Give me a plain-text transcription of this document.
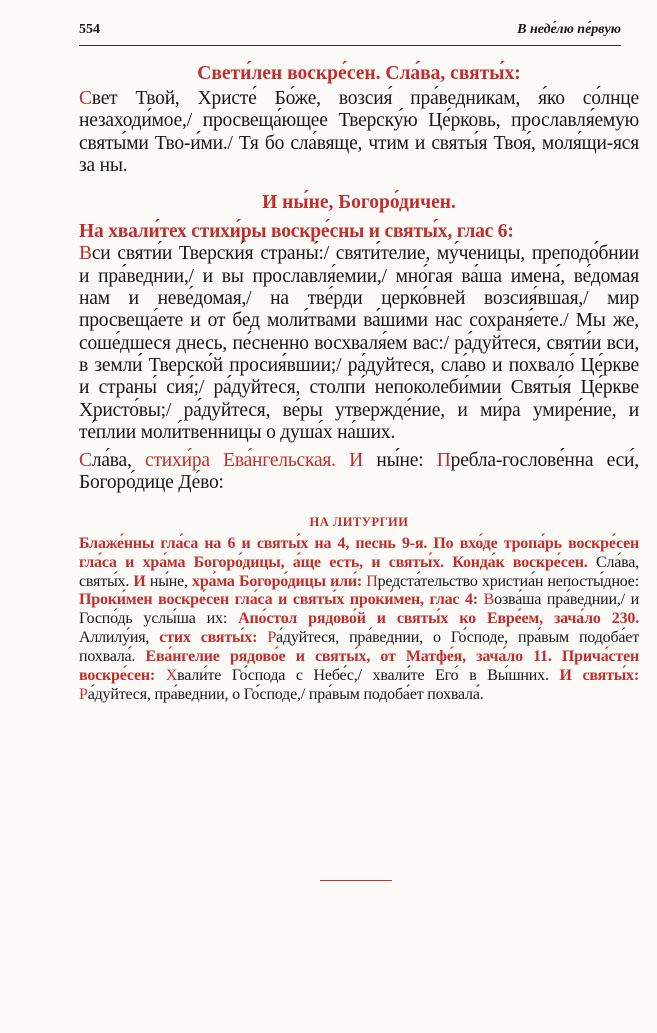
554	В неде́лю пе́рвую
Свети́лен воскре́сен. Сла́ва, святы́х:

Свет Твой, Христе́ Бо́же, возсия́ пра́ведникам, я́ко со́лнце незаходи́мое,/ просвеща́ющее Тверску́ю Це́рковь, прославля́емую святы́ми Тво-и́ми./ Тя бо сла́вяще, чтим и святы́я Твоя́, моля́щи-яся за ны.

И ны́не, Богоро́дичен.

На хвали́тех стихи́ры воскре́сны и святы́х, глас 6:

Вси святи́и Тверски́я страны́:/ святи́телие, му́ченицы, преподо́бнии и пра́веднии,/ и вы прославля́емии,/ мно́гая ва́ша имена́, ве́домая нам и неве́домая,/ на тве́рди церко́вней возсия́вшая,/ мир просвеща́ете и от бед моли́твами ва́шими нас сохраня́ете./ Мы же, соше́дшеся днесь, пе́сненно восхваля́ем вас:/ ра́дуйтеся, святи́и вси, в земли́ Тверско́й просия́вшии;/ ра́дуйтеся, сла́во и похвало́ Це́ркве и страны́ сия́;/ ра́дуйтеся, столпи́ непоколеби́мии Святы́я Це́ркве Христо́вы;/ ра́дуйтеся, ве́ры утвержде́ние, и ми́ра умире́ние, и те́плии моли́твенницы о душа́х на́ших.

Сла́ва, стихи́ра Ева́нгельская. И ны́не: Пребла-гослове́нна еси́, Богоро́дице Де́во:

НА ЛИТУРГИИ

Блаже́нны гла́са на 6 и святы́х на 4, песнь 9-я. По вхо́де тропа́рь воскре́сен гла́са и хра́ма Богоро́дицы, а́ще есть, и святы́х. Конда́к воскре́сен. Сла́ва, святы́х. И ны́не, хра́ма Богоро́дицы или́: Предста́тельство христиа́н непосты́дное: Проки́мен воскре́сен гла́са и святы́х проки́мен, глас 4: Возва́ша пра́веднии,/ и Госпо́дь услы́ша их: Апо́стол рядово́й и святы́х ко Евре́ем, зача́ло 230. Аллилу́ия, стих святы́х: Ра́дуйтеся, пра́веднии, о Го́споде, пра́вым подоба́ет похвала́. Ева́нгелие рядово́е и святы́х, от Матфе́я, зача́ло 11. Прича́стен воскре́сен: Хвали́те Го́спода с Небе́с,/ хвали́те Его́ в Вы́шних. И святы́х: Ра́дуйтеся, пра́веднии, о Го́споде,/ пра́вым подоба́ет похвала́.
